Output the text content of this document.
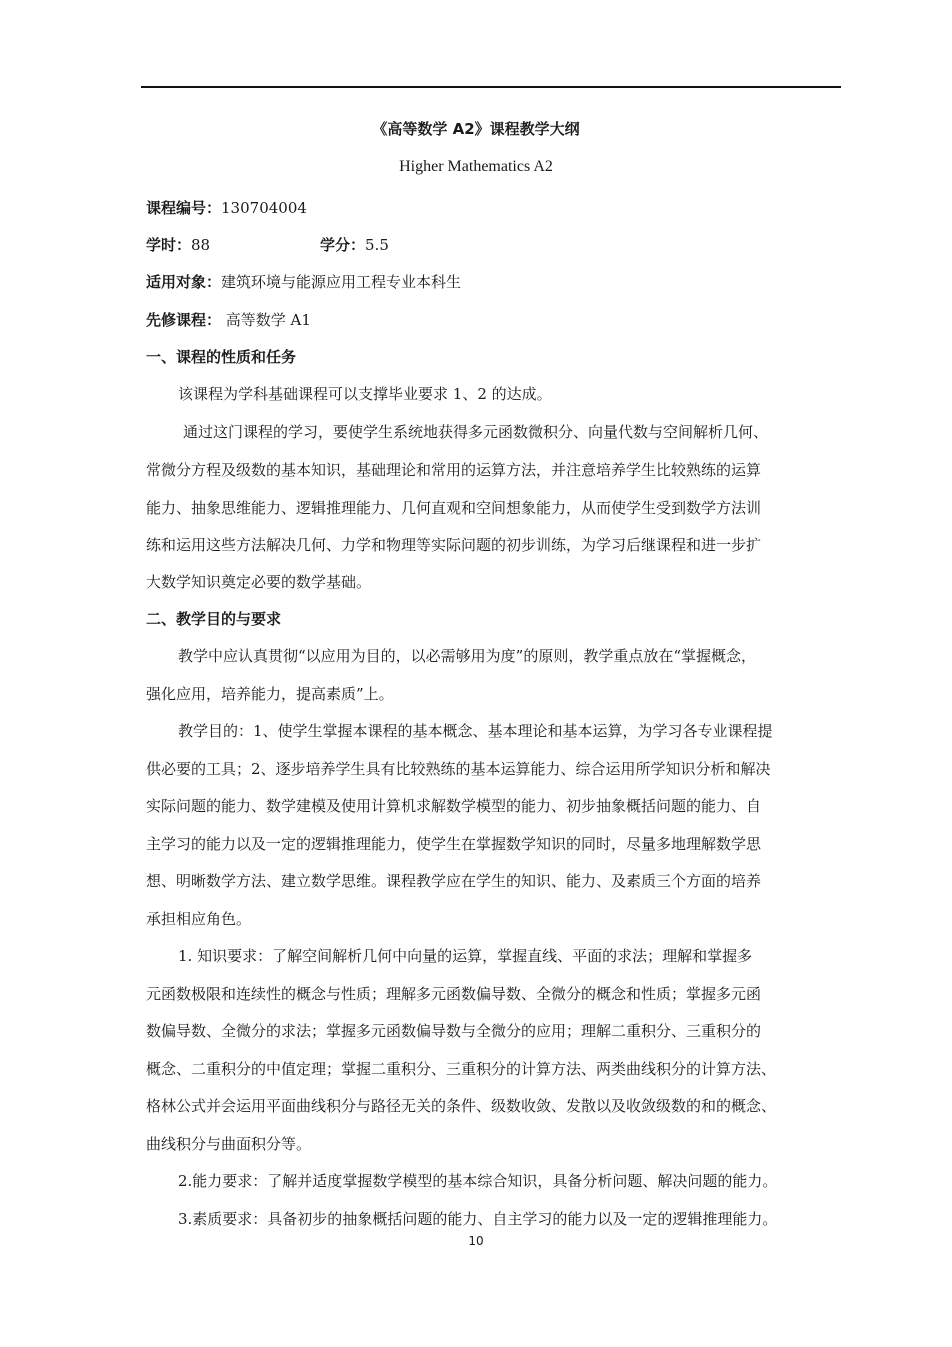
《高等数学 A2》课程教学大纲
Higher Mathematics A2
课程编号：130704004
学时：88	学分：5.5
适用对象：建筑环境与能源应用工程专业本科生
先修课程： 高等数学 A1
一、课程的性质和任务
该课程为学科基础课程可以支撑毕业要求 1、2 的达成。
通过这门课程的学习，要使学生系统地获得多元函数微积分、向量代数与空间解析几何、
常微分方程及级数的基本知识，基础理论和常用的运算方法，并注意培养学生比较熟练的运算
能力、抽象思维能力、逻辑推理能力、几何直观和空间想象能力，从而使学生受到数学方法训
练和运用这些方法解决几何、力学和物理等实际问题的初步训练，为学习后继课程和进一步扩
大数学知识奠定必要的数学基础。
二、教学目的与要求
教学中应认真贯彻“以应用为目的，以必需够用为度”的原则，教学重点放在“掌握概念，
强化应用，培养能力，提高素质”上。
教学目的：1、使学生掌握本课程的基本概念、基本理论和基本运算，为学习各专业课程提
供必要的工具；2、逐步培养学生具有比较熟练的基本运算能力、综合运用所学知识分析和解决
实际问题的能力、数学建模及使用计算机求解数学模型的能力、初步抽象概括问题的能力、自
主学习的能力以及一定的逻辑推理能力，使学生在掌握数学知识的同时，尽量多地理解数学思
想、明晰数学方法、建立数学思维。课程教学应在学生的知识、能力、及素质三个方面的培养
承担相应角色。
1. 知识要求：了解空间解析几何中向量的运算，掌握直线、平面的求法；理解和掌握多
元函数极限和连续性的概念与性质；理解多元函数偏导数、全微分的概念和性质；掌握多元函
数偏导数、全微分的求法；掌握多元函数偏导数与全微分的应用；理解二重积分、三重积分的
概念、二重积分的中值定理；掌握二重积分、三重积分的计算方法、两类曲线积分的计算方法、
格林公式并会运用平面曲线积分与路径无关的条件、级数收敛、发散以及收敛级数的和的概念、
曲线积分与曲面积分等。
2.能力要求：了解并适度掌握数学模型的基本综合知识，具备分析问题、解决问题的能力。
3.素质要求：具备初步的抽象概括问题的能力、自主学习的能力以及一定的逻辑推理能力。
10
